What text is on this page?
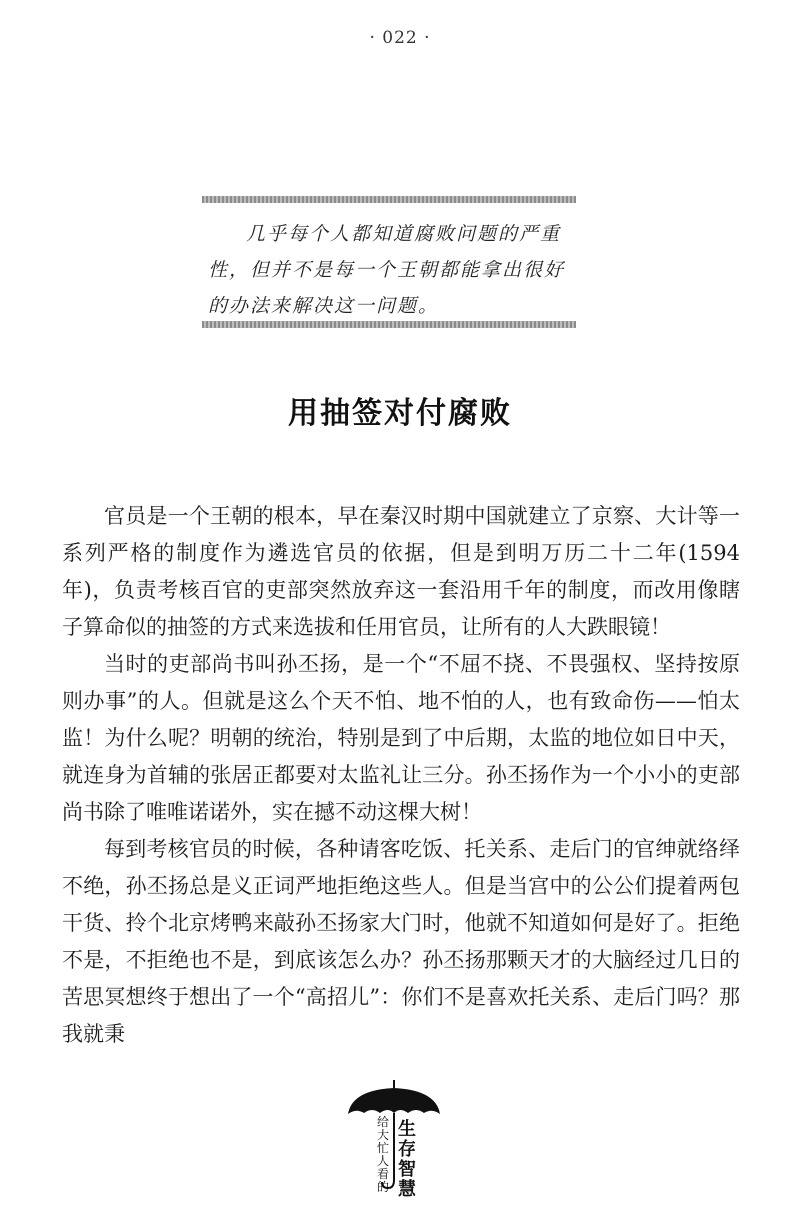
· 022 ·
几乎每个人都知道腐败问题的严重性，但并不是每一个王朝都能拿出很好的办法来解决这一问题。
用抽签对付腐败

官员是一个王朝的根本，早在秦汉时期中国就建立了京察、大计等一系列严格的制度作为遴选官员的依据，但是到明万历二十二年(1594年)，负责考核百官的吏部突然放弃这一套沿用千年的制度，而改用像瞎子算命似的抽签的方式来选拔和任用官员，让所有的人大跌眼镜！

当时的吏部尚书叫孙丕扬，是一个“不屈不挠、不畏强权、坚持按原则办事”的人。但就是这么个天不怕、地不怕的人，也有致命伤——怕太监！为什么呢？明朝的统治，特别是到了中后期，太监的地位如日中天，就连身为首辅的张居正都要对太监礼让三分。孙丕扬作为一个小小的吏部尚书除了唯唯诺诺外，实在撼不动这棵大树！

每到考核官员的时候，各种请客吃饭、托关系、走后门的官绅就络绎不绝，孙丕扬总是义正词严地拒绝这些人。但是当宫中的公公们提着两包干货、拎个北京烤鸭来敲孙丕扬家大门时，他就不知道如何是好了。拒绝不是，不拒绝也不是，到底该怎么办？孙丕扬那颗天才的大脑经过几日的苦思冥想终于想出了一个“高招儿”：你们不是喜欢托关系、走后门吗？那我就秉

给大忙人看的
生存智慧
